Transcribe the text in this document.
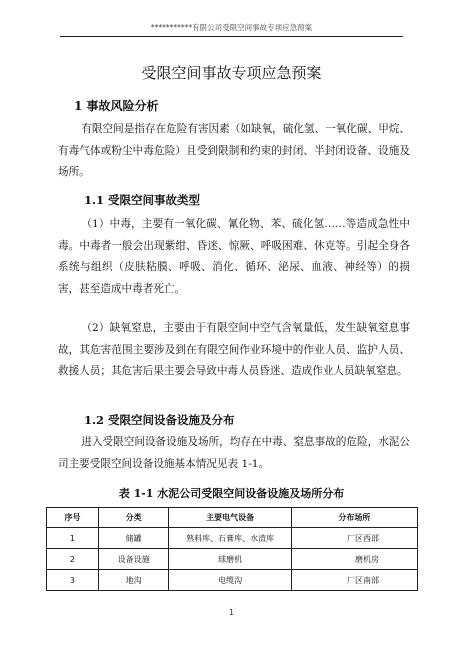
***********有限公司受限空间事故专项应急预案
受限空间事故专项应急预案
1 事故风险分析

有限空间是指存在危险有害因素（如缺氧，硫化氢、一氧化碳、甲烷、有毒气体或粉尘中毒危险）且受到限制和约束的封闭、半封闭设备、设施及场所。

1.1 受限空间事故类型

（1）中毒，主要有一氧化碳、氰化物、苯、硫化氢……等造成急性中毒。中毒者一般会出现紫绀、昏迷、惊厥、呼吸困难、休克等。引起全身各系统与组织（皮肤粘膜、呼吸、消化、循环、泌尿、血液、神经等）的损害，甚至造成中毒者死亡。

（2）缺氧窒息，主要由于有限空间中空气含氧量低，发生缺氧窒息事故，其危害范围主要涉及到在有限空间作业环境中的作业人员、监护人员、救援人员；其危害后果主要会导致中毒人员昏迷、造成作业人员缺氧窒息。

1.2 受限空间设备设施及分布

进入受限空间设备设施及场所，均存在中毒、窒息事故的危险，水泥公司主要受限空间设备设施基本情况见表 1-1。

表 1-1 水泥公司受限空间设备设施及场所分布
序号	分类	主要电气设备	分布场所
1	储罐	熟料库、石膏库、水渣库	厂区西部
2	设备设施	球磨机	磨机房
3	地沟	电缆沟	厂区南部
1
